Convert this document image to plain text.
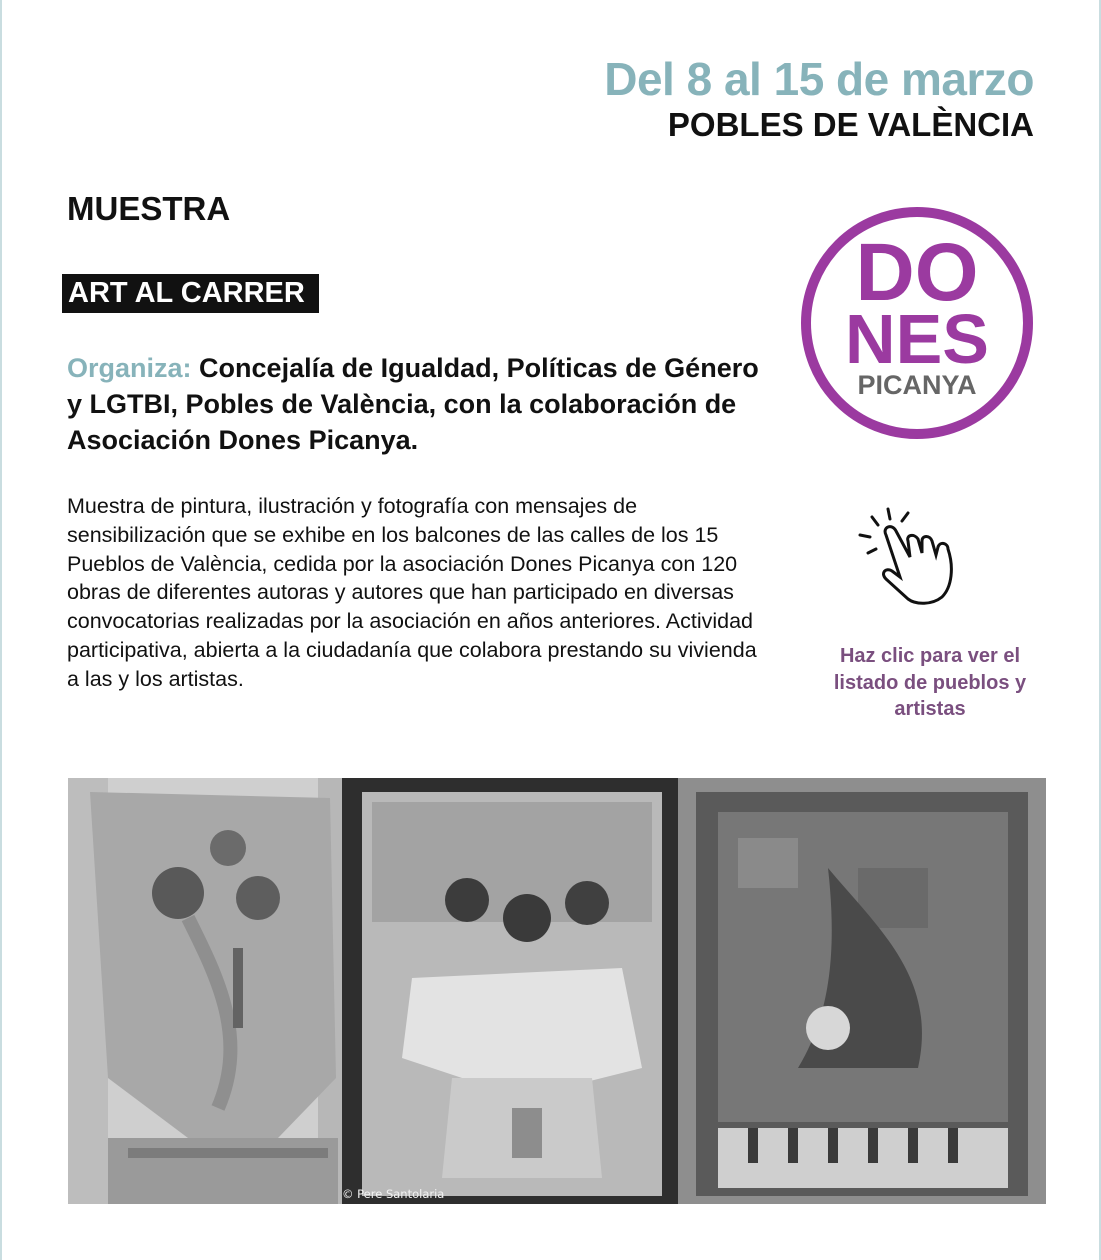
Del 8 al 15 de marzo
POBLES DE VALÈNCIA
MUESTRA
ART AL CARRER
Organiza: Concejalía de Igualdad, Políticas de Género y LGTBI, Pobles de València, con la colaboración de Asociación Dones Picanya.
Muestra de pintura, ilustración y fotografía con mensajes de sensibilización que se exhibe en los balcones de las calles de los 15 Pueblos de València, cedida por la asociación Dones Picanya con 120 obras de diferentes autoras y autores que han participado en diversas convocatorias realizadas por la asociación en años anteriores. Actividad participativa, abierta a la ciudadanía que colabora prestando su vivienda a las y los artistas.
DO
NES
PICANYA
Haz clic para ver el listado de pueblos y artistas
© Pere Santolaria
